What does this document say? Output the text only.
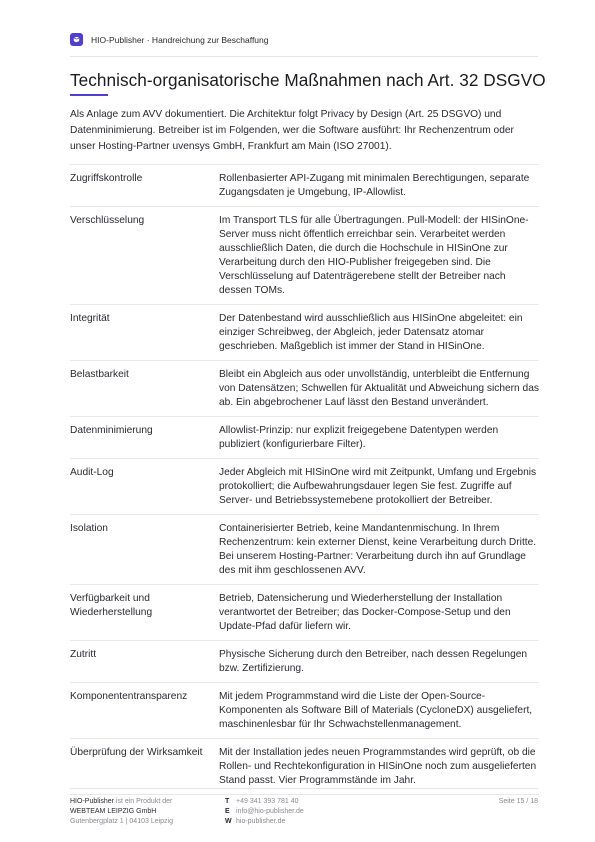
HIO-Publisher · Handreichung zur Beschaffung
Technisch-organisatorische Maßnahmen nach Art. 32 DSGVO

Als Anlage zum AVV dokumentiert. Die Architektur folgt Privacy by Design (Art. 25 DSGVO) und Datenminimierung. Betreiber ist im Folgenden, wer die Software ausführt: Ihr Rechenzentrum oder unser Hosting-Partner uvensys GmbH, Frankfurt am Main (ISO 27001).

Zugriffskontrolle	Rollenbasierter API-Zugang mit minimalen Berechtigungen, separate Zugangsdaten je Umgebung, IP-Allowlist.
Verschlüsselung	Im Transport TLS für alle Übertragungen. Pull-Modell: der HISinOne-Server muss nicht öffentlich erreichbar sein. Verarbeitet werden ausschließlich Daten, die durch die Hochschule in HISinOne zur Verarbeitung durch den HIO-Publisher freigegeben sind. Die Verschlüsselung auf Datenträgerebene stellt der Betreiber nach dessen TOMs.
Integrität	Der Datenbestand wird ausschließlich aus HISinOne abgeleitet: ein einziger Schreibweg, der Abgleich, jeder Datensatz atomar geschrieben. Maßgeblich ist immer der Stand in HISinOne.
Belastbarkeit	Bleibt ein Abgleich aus oder unvollständig, unterbleibt die Entfernung von Datensätzen; Schwellen für Aktualität und Abweichung sichern das ab. Ein abgebrochener Lauf lässt den Bestand unverändert.
Datenminimierung	Allowlist-Prinzip: nur explizit freigegebene Datentypen werden publiziert (konfigurierbare Filter).
Audit-Log	Jeder Abgleich mit HISinOne wird mit Zeitpunkt, Umfang und Ergebnis protokolliert; die Aufbewahrungsdauer legen Sie fest. Zugriffe auf Server- und Betriebssystemebene protokolliert der Betreiber.
Isolation	Containerisierter Betrieb, keine Mandantenmischung. In Ihrem Rechenzentrum: kein externer Dienst, keine Verarbeitung durch Dritte. Bei unserem Hosting-Partner: Verarbeitung durch ihn auf Grundlage des mit ihm geschlossenen AVV.
Verfügbarkeit und Wiederherstellung	Betrieb, Datensicherung und Wiederherstellung der Installation verantwortet der Betreiber; das Docker-Compose-Setup und den Update-Pfad dafür liefern wir.
Zutritt	Physische Sicherung durch den Betreiber, nach dessen Regelungen bzw. Zertifizierung.
Komponententransparenz	Mit jedem Programmstand wird die Liste der Open-Source-Komponenten als Software Bill of Materials (CycloneDX) ausgeliefert, maschinenlesbar für Ihr Schwachstellenmanagement.
Überprüfung der Wirksamkeit	Mit der Installation jedes neuen Programmstandes wird geprüft, ob die Rollen- und Rechtekonfiguration in HISinOne noch zum ausgelieferten Stand passt. Vier Programmstände im Jahr.
HIO-Publisher ist ein Produkt der
WEBTEAM LEIPZIG GmbH
Gutenbergplatz 1 | 04103 Leipzig
T +49 341 393 781 40
E info@hio-publisher.de
W hio-publisher.de
Seite 15 / 18
